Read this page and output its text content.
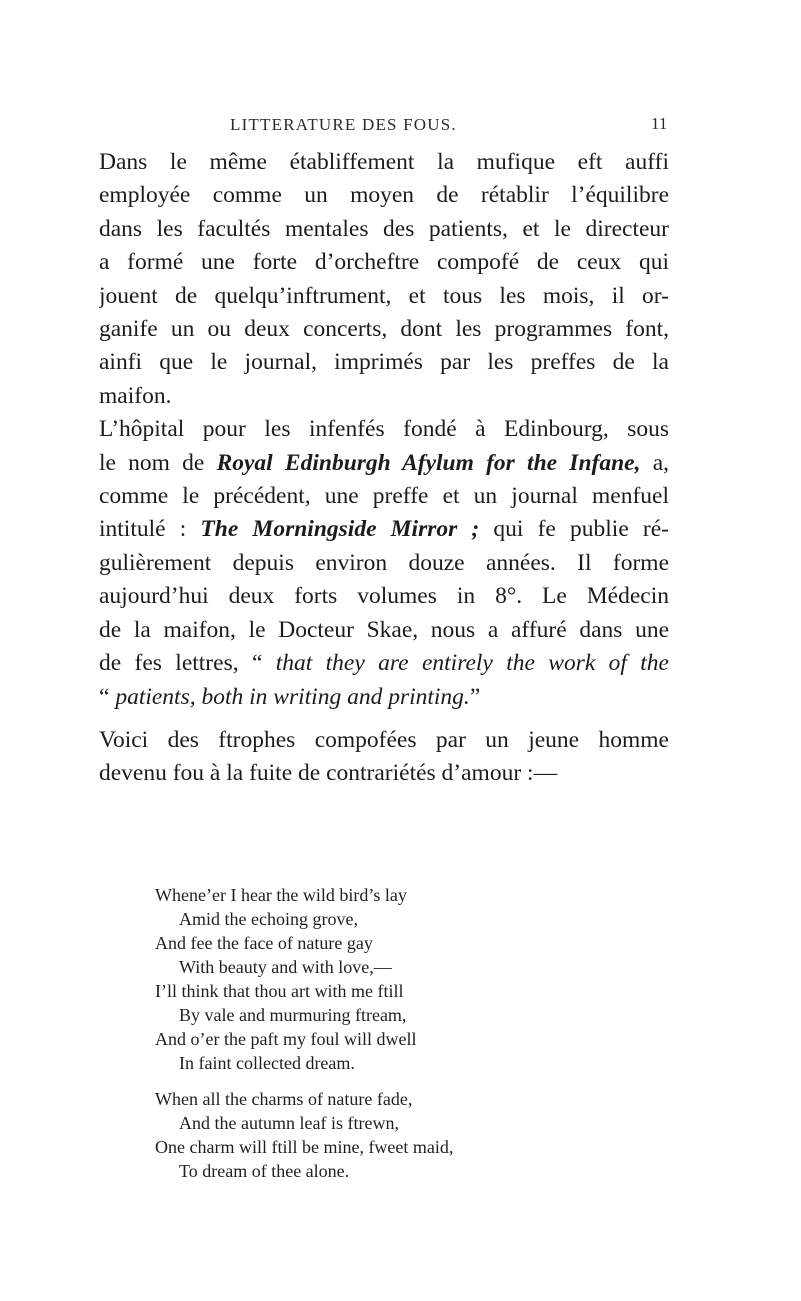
LITTERATURE DES FOUS.	11
Dans le même établiffement la mufique eft auffi
employée comme un moyen de rétablir l’équilibre
dans les facultés mentales des patients, et le directeur
a formé une forte d’orcheftre compofé de ceux qui
jouent de quelqu’inftrument, et tous les mois, il or-
ganife un ou deux concerts, dont les programmes font,
ainfi que le journal, imprimés par les preffes de la
maifon.
L’hôpital pour les infenfés fondé à Edinbourg, sous
le nom de Royal Edinburgh Afylum for the Infane, a,
comme le précédent, une preffe et un journal menfuel
intitulé : The Morningside Mirror ; qui fe publie ré-
gulièrement depuis environ douze années. Il forme
aujourd’hui deux forts volumes in 8°. Le Médecin
de la maifon, le Docteur Skae, nous a affuré dans une
de fes lettres, “ that they are entirely the work of the
“ patients, both in writing and printing.”
Voici des ftrophes compofées par un jeune homme
devenu fou à la fuite de contrariétés d’amour :—
Whene’er I hear the wild bird’s lay
Amid the echoing grove,
And fee the face of nature gay
With beauty and with love,—
I’ll think that thou art with me ftill
By vale and murmuring ftream,
And o’er the paft my foul will dwell
In faint collected dream.
When all the charms of nature fade,
And the autumn leaf is ftrewn,
One charm will ftill be mine, fweet maid,
To dream of thee alone.
